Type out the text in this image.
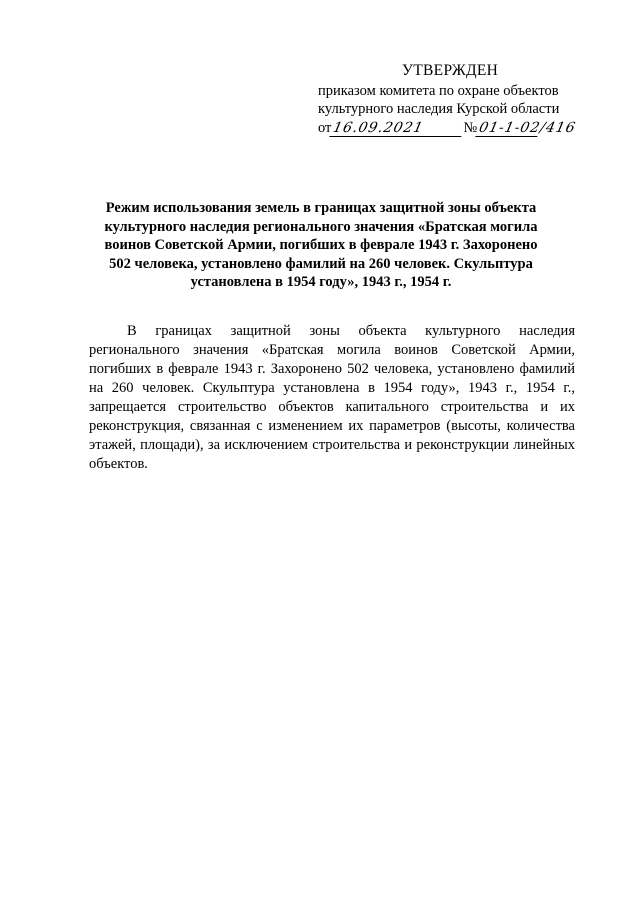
УТВЕРЖДЕН
приказом комитета по охране объектов
культурного наследия Курской области
от 16.09.2021	№ 01-1-02/416
Режим использования земель в границах защитной зоны объекта культурного наследия регионального значения «Братская могила воинов Советской Армии, погибших в феврале 1943 г. Захоронено 502 человека, установлено фамилий на 260 человек. Скульптура установлена в 1954 году», 1943 г., 1954 г.
В границах защитной зоны объекта культурного наследия регионального значения «Братская могила воинов Советской Армии, погибших в феврале 1943 г. Захоронено 502 человека, установлено фамилий на 260 человек. Скульптура установлена в 1954 году», 1943 г., 1954 г., запрещается строительство объектов капитального строительства и их реконструкция, связанная с изменением их параметров (высоты, количества этажей, площади), за исключением строительства и реконструкции линейных объектов.
